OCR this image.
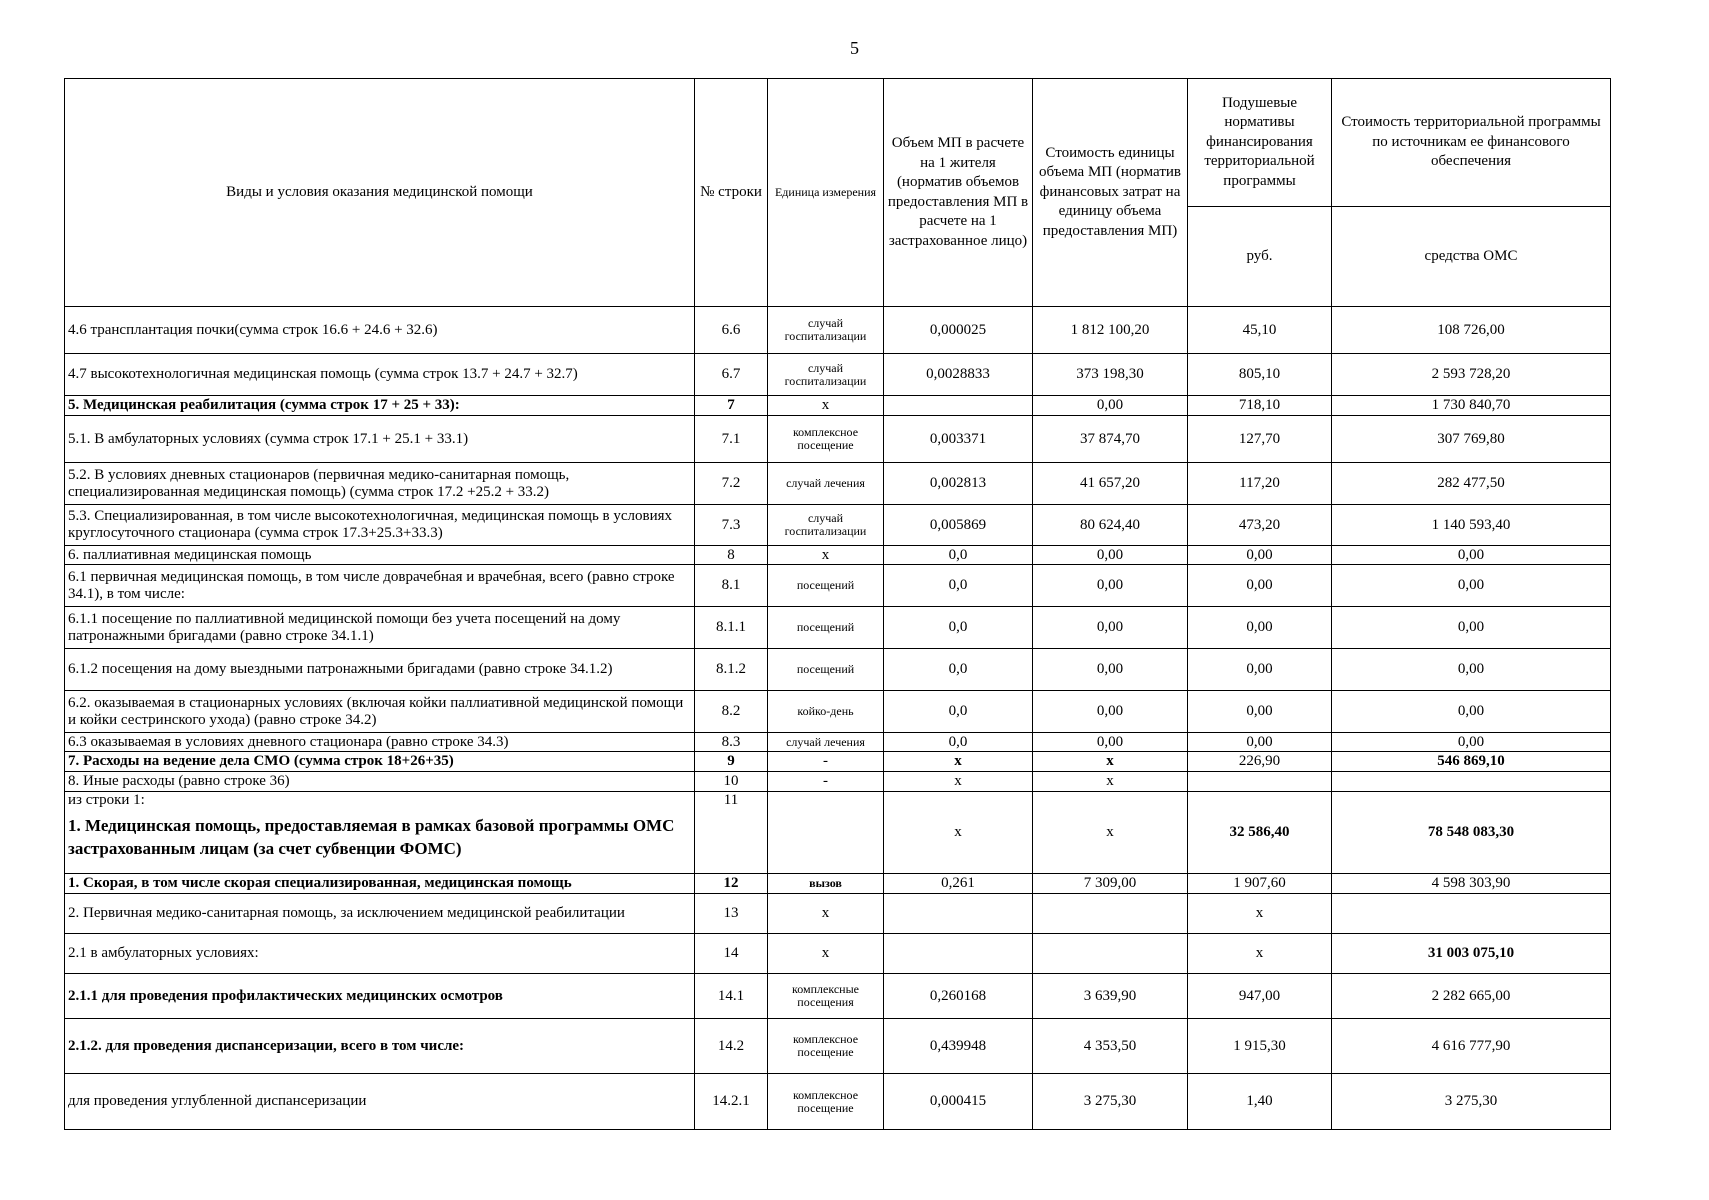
5
Виды и условия оказания медицинской помощи	№ строки	Единица измерения	Объем МП в расчете на 1 жителя (норматив объемов предоставления МП в расчете на 1 застрахованное лицо)	Стоимость единицы объема МП (норматив финансовых затрат на единицу объема предоставления МП)	Подушевые нормативы финансирования территориальной программы	Стоимость территориальной программы по источникам ее финансового обеспечения
					руб.	средства ОМС
4.6 трансплантация почки(сумма строк 16.6 + 24.6 + 32.6)	6.6	случай госпитализации	0,000025	1 812 100,20	45,10	108 726,00
4.7 высокотехнологичная медицинская помощь (сумма строк 13.7 + 24.7 + 32.7)	6.7	случай госпитализации	0,0028833	373 198,30	805,10	2 593 728,20
5. Медицинская реабилитация (сумма строк 17 + 25 + 33):	7	х		0,00	718,10	1 730 840,70
5.1. В амбулаторных условиях (сумма строк 17.1 + 25.1 + 33.1)	7.1	комплексное посещение	0,003371	37 874,70	127,70	307 769,80
5.2. В условиях дневных стационаров (первичная медико-санитарная помощь, специализированная медицинская помощь) (сумма строк 17.2 +25.2 + 33.2)	7.2	случай лечения	0,002813	41 657,20	117,20	282 477,50
5.3. Специализированная, в том числе высокотехнологичная, медицинская помощь в условиях круглосуточного стационара (сумма строк 17.3+25.3+33.3)	7.3	случай госпитализации	0,005869	80 624,40	473,20	1 140 593,40
6. паллиативная медицинская помощь	8	х	0,0	0,00	0,00	0,00
6.1 первичная медицинская помощь, в том числе доврачебная и врачебная, всего (равно строке 34.1), в том числе:	8.1	посещений	0,0	0,00	0,00	0,00
6.1.1 посещение по паллиативной медицинской помощи без учета посещений на дому патронажными бригадами (равно строке 34.1.1)	8.1.1	посещений	0,0	0,00	0,00	0,00
6.1.2 посещения на дому выездными патронажными бригадами (равно строке 34.1.2)	8.1.2	посещений	0,0	0,00	0,00	0,00
6.2. оказываемая в стационарных условиях (включая койки паллиативной медицинской помощи и койки сестринского ухода) (равно строке 34.2)	8.2	койко-день	0,0	0,00	0,00	0,00
6.3 оказываемая в условиях дневного стационара (равно строке 34.3)	8.3	случай лечения	0,0	0,00	0,00	0,00
7. Расходы на ведение дела СМО (сумма строк 18+26+35)	9	-	х	х	226,90	546 869,10
8. Иные расходы (равно строке 36)	10	-	х	х		

из строки 1:
1. Медицинская помощь, предоставляемая в рамках базовой программы ОМС застрахованным лицам (за счет субвенции ФОМС)	11		х	х	32 586,40	78 548 083,30
1. Скорая, в том числе скорая специализированная, медицинская помощь	12	вызов	0,261	7 309,00	1 907,60	4 598 303,90
2. Первичная медико-санитарная помощь, за исключением медицинской реабилитации	13	х			х	
2.1 в амбулаторных условиях:	14	х			х	31 003 075,10
2.1.1 для проведения профилактических медицинских осмотров	14.1	комплексные посещения	0,260168	3 639,90	947,00	2 282 665,00
2.1.2. для проведения диспансеризации, всего в том числе:	14.2	комплексное посещение	0,439948	4 353,50	1 915,30	4 616 777,90
для проведения углубленной диспансеризации	14.2.1	комплексное посещение	0,000415	3 275,30	1,40	3 275,30
